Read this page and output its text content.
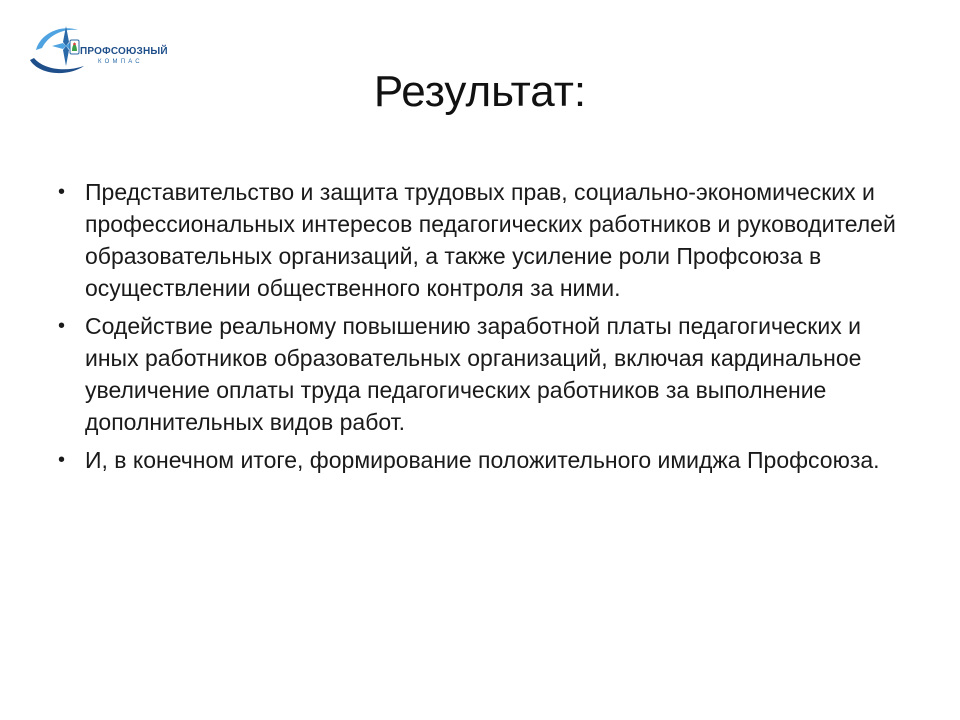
ПРОФСОЮЗНЫЙ
КОМПАС
Результат:
• Представительство и защита трудовых прав, социально-экономических и профессиональных интересов педагогических работников и руководителей образовательных организаций, а также усиление роли Профсоюза в осуществлении общественного контроля за ними.
• Содействие реальному повышению заработной платы педагогических и иных работников образовательных организаций, включая кардинальное увеличение оплаты труда педагогических работников за выполнение дополнительных видов работ.
• И, в конечном итоге, формирование положительного имиджа Профсоюза.
